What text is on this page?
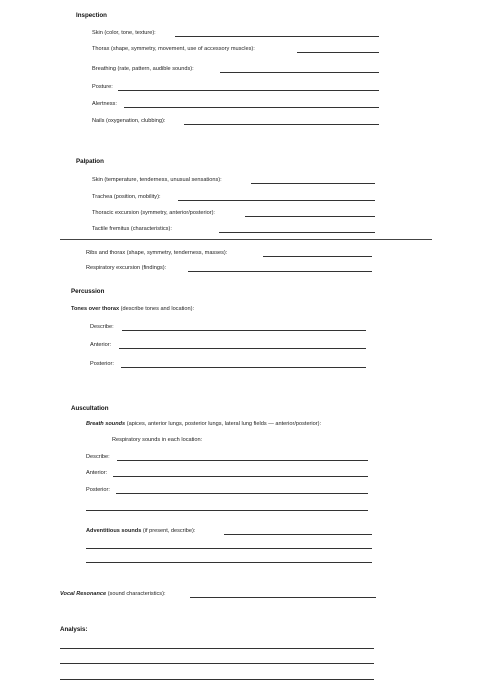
Inspection
Skin (color, tone, texture):
Thorax (shape, symmetry, movement, use of accessory muscles):
Breathing (rate, pattern, audible sounds):
Posture:
Alertness:
Nails (oxygenation, clubbing):
Palpation
Skin (temperature, tenderness, unusual sensations):
Trachea (position, mobility):
Thoracic excursion (symmetry, anterior/posterior):
Tactile fremitus (characteristics):
Ribs and thorax (shape, symmetry, tenderness, masses):
Respiratory excursion (findings):
Percussion
Tones over thorax (describe tones and location):
Describe:
Anterior:
Posterior:
Auscultation
Breath sounds (apices, anterior lungs, posterior lungs, lateral lung fields — anterior/posterior):
Respiratory sounds in each location:
Describe:
Anterior:
Posterior:
Adventitious sounds (if present, describe):
Vocal Resonance (sound characteristics):
Analysis:
